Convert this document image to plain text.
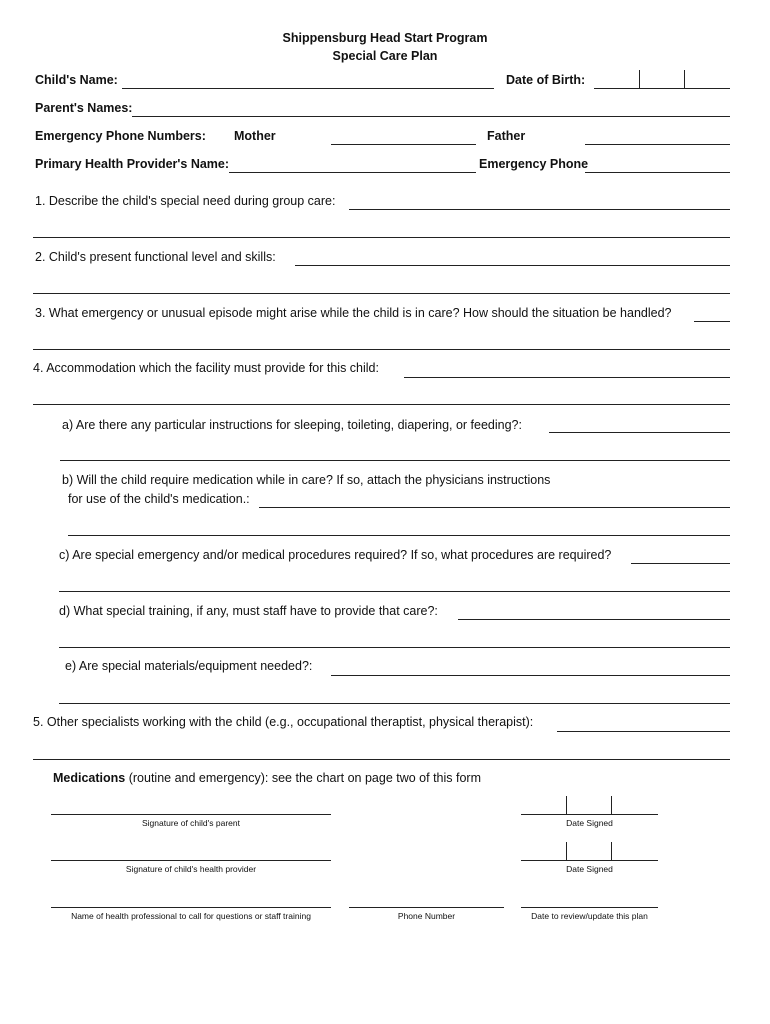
Shippensburg Head Start Program
Special Care Plan
Child's Name:	Date of Birth:
Parent's Names:
Emergency Phone Numbers: Mother	Father
Primary Health Provider's Name:	Emergency Phone
1. Describe the child's special need during group care:
2. Child's present functional level and skills:
3. What emergency or unusual episode might arise while the child is in care? How should the situation be handled?
4. Accommodation which the facility must provide for this child:
a) Are there any particular instructions for sleeping, toileting, diapering, or feeding?:
b) Will the child require medication while in care? If so, attach the physicians instructions
for use of the child's medication.:
c) Are special emergency and/or medical procedures required? If so, what procedures are required?
d) What special training, if any, must staff have to provide that care?:
e) Are special materials/equipment needed?:
5. Other specialists working with the child (e.g., occupational theraptist, physical therapist):
Medications (routine and emergency): see the chart on page two of this form
Signature of child's parent	Date Signed
Signature of child's health provider	Date Signed
Name of health professional to call for questions or staff training	Phone Number	Date to review/update this plan
